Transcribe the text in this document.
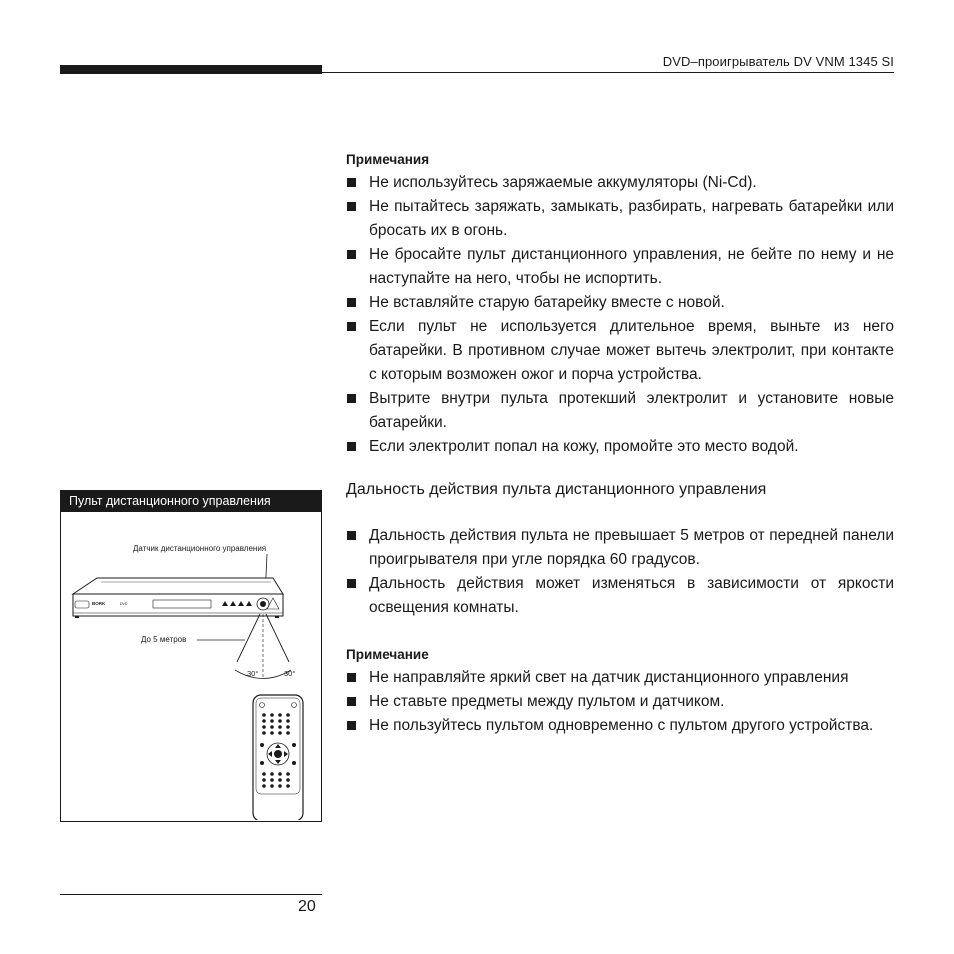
DVD–проигрыватель DV VNM 1345 SI
Примечания
Не используйтесь заряжаемые аккумуляторы (Ni-Cd).
Не пытайтесь заряжать, замыкать, разбирать, нагревать батарейки или бросать их в огонь.
Не бросайте пульт дистанционного управления, не бейте по нему и не наступайте на него, чтобы не испортить.
Не вставляйте старую батарейку вместе с новой.
Если пульт не используется длительное время, выньте из него батарейки. В противном случае может вытечь электролит, при контакте с которым возможен ожог и порча устройства.
Вытрите внутри пульта протекший электролит и установите новые батарейки.
Если электролит попал на кожу, промойте это место водой.
Дальность действия пульта дистанционного управления
Дальность действия пульта не превышает 5 метров от передней панели проигрывателя при угле порядка 60 градусов.
Дальность действия может изменяться в зависимости от яркости освещения комнаты.
Примечание
Не направляйте яркий свет на датчик дистанционного управления
Не ставьте предметы между пультом и датчиком.
Не пользуйтесь пультом одновременно с пультом другого устройства.
Пульт дистанционного управления
Датчик дистанционного управления
BORK	DVD
До 5 метров
30°	30°
20
